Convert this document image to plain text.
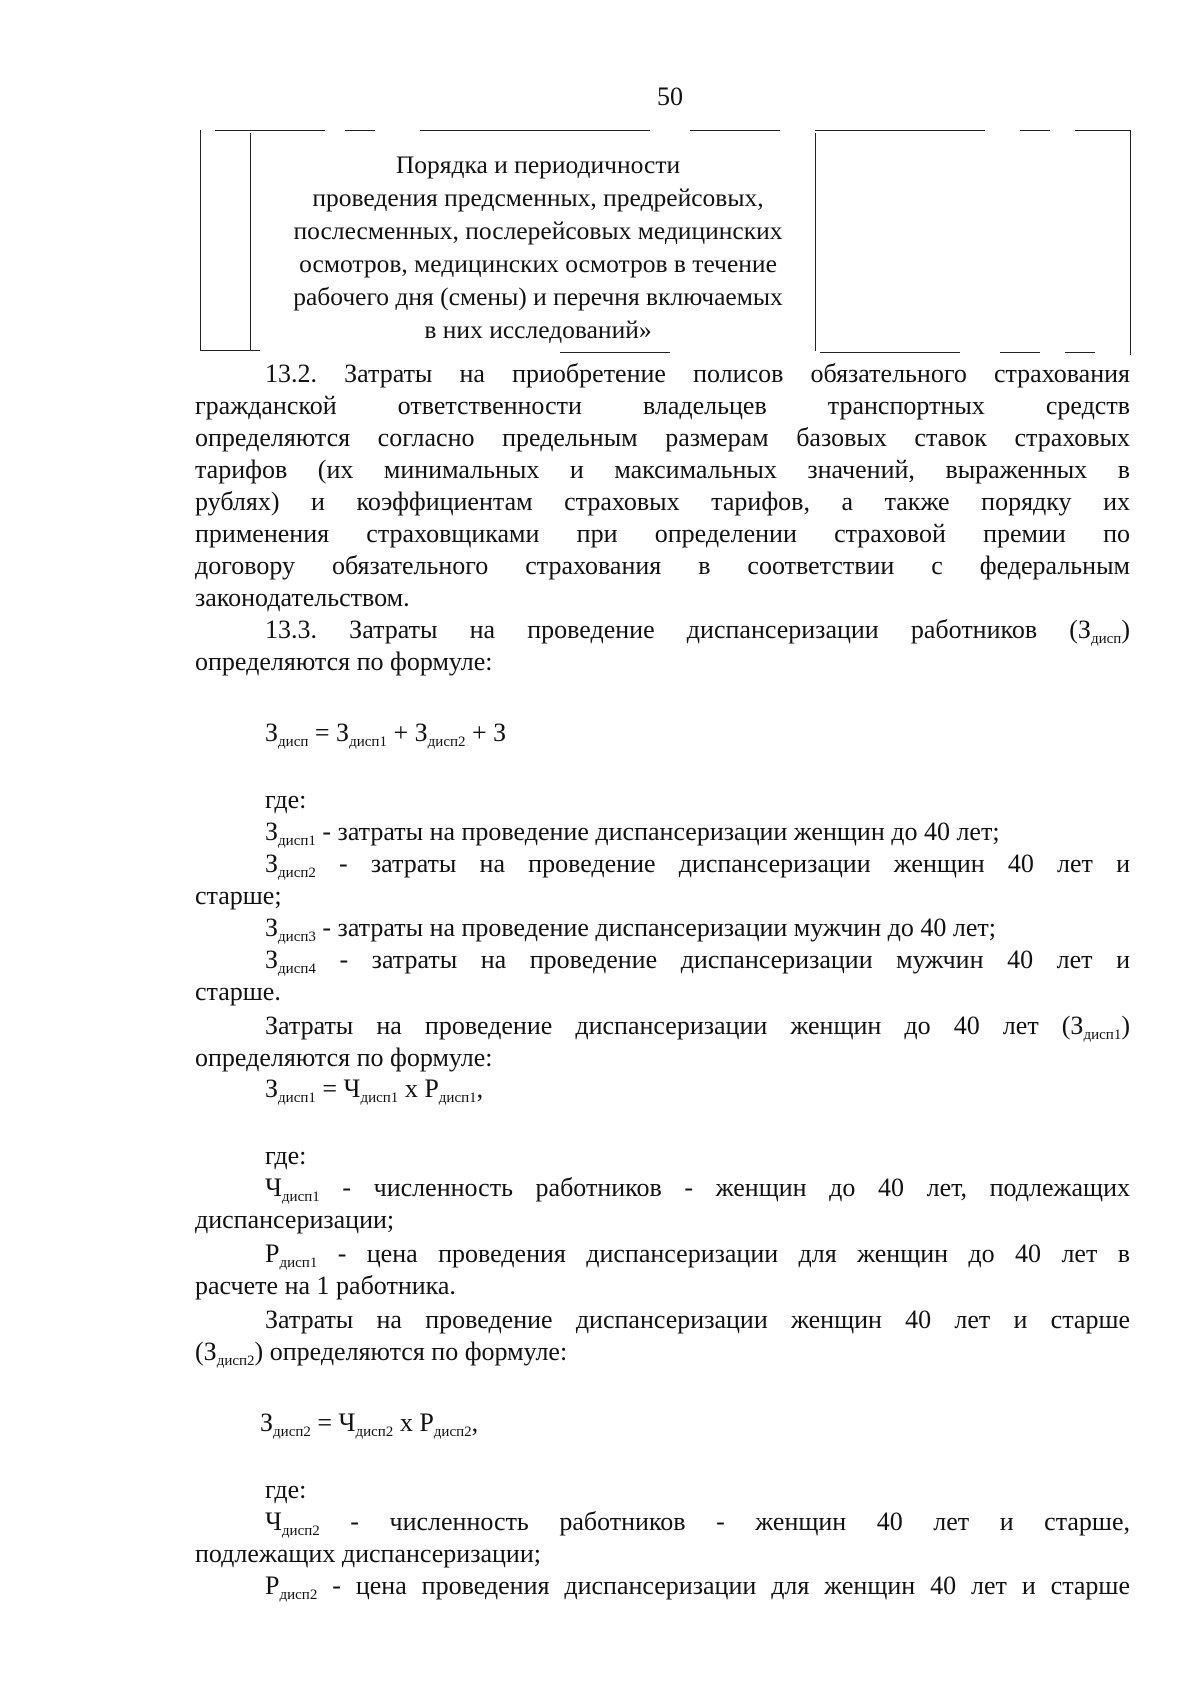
50
Порядка и периодичности
проведения предсменных, предрейсовых,
послесменных, послерейсовых медицинских
осмотров, медицинских осмотров в течение
рабочего дня (смены) и перечня включаемых
в них исследований»
13.2. Затраты на приобретение полисов обязательного страхования
гражданской ответственности владельцев транспортных средств
определяются согласно предельным размерам базовых ставок страховых
тарифов (их минимальных и максимальных значений, выраженных в
рублях) и коэффициентам страховых тарифов, а также порядку их
применения страховщиками при определении страховой премии по
договору обязательного страхования в соответствии с федеральным
законодательством.
13.3. Затраты на проведение диспансеризации работников $(З_{дисп})$
определяются по формуле:
$З_{дисп} = З_{дисп1} + З_{дисп2} + З$
где:
$З_{дисп1}$ - затраты на проведение диспансеризации женщин до 40 лет;
$З_{дисп2}$ - затраты на проведение диспансеризации женщин 40 лет и
старше;
$З_{дисп3}$ - затраты на проведение диспансеризации мужчин до 40 лет;
$З_{дисп4}$ - затраты на проведение диспансеризации мужчин 40 лет и
старше.
Затраты на проведение диспансеризации женщин до 40 лет $(З_{дисп1})$
определяются по формуле:
$З_{дисп1} = Ч_{дисп1}$ х $Р_{дисп1}$,
где:
$Ч_{дисп1}$ - численность работников - женщин до 40 лет, подлежащих
диспансеризации;
$Р_{дисп1}$ - цена проведения диспансеризации для женщин до 40 лет в
расчете на 1 работника.
Затраты на проведение диспансеризации женщин 40 лет и старше
$(З_{дисп2})$ определяются по формуле:
$З_{дисп2} = Ч_{дисп2}$ х $Р_{дисп2}$,
где:
$Ч_{дисп2}$ - численность работников - женщин 40 лет и старше,
подлежащих диспансеризации;
$Р_{дисп2}$ - цена проведения диспансеризации для женщин 40 лет и старше
